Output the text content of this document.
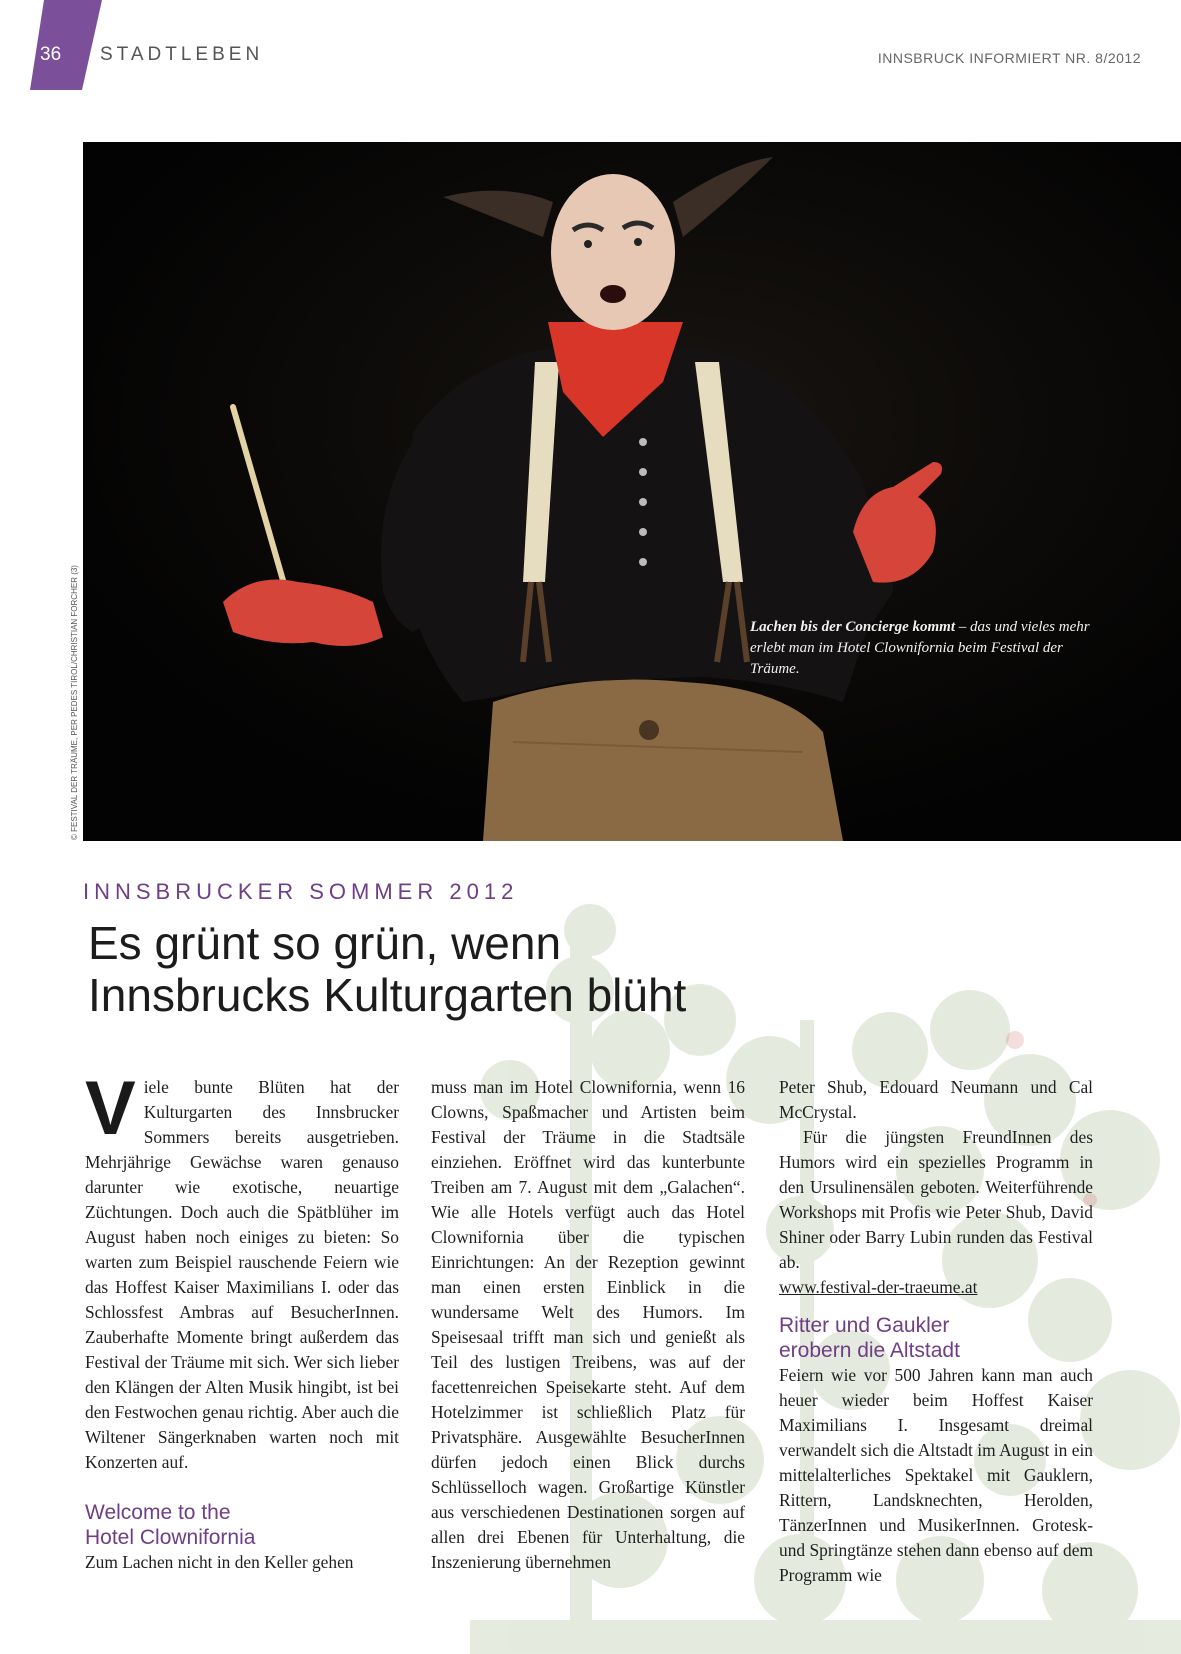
36	STADTLEBEN	INNSBRUCK INFORMIERT NR. 8/2012
© FESTIVAL DER TRÄUME, PER PEDES TIROL/CHRISTIAN FORCHER (3)	Lachen bis der Concierge kommt – das und vieles mehr erlebt man im Hotel Clownifornia beim Festival der Träume.
INNSBRUCKER SOMMER 2012
Es grünt so grün, wenn
Innsbrucks Kulturgarten blüht

Viele bunte Blüten hat der Kulturgarten des Innsbrucker Sommers bereits ausgetrieben. Mehrjährige Gewächse waren genauso darunter wie exotische, neuartige Züchtungen. Doch auch die Spätblüher im August haben noch einiges zu bieten: So warten zum Beispiel rauschende Feiern wie das Hoffest Kaiser Maximilians I. oder das Schlossfest Ambras auf BesucherInnen. Zauberhafte Momente bringt außerdem das Festival der Träume mit sich. Wer sich lieber den Klängen der Alten Musik hingibt, ist bei den Festwochen genau richtig. Aber auch die Wiltener Sängerknaben warten noch mit Konzerten auf.

Welcome to the
Hotel Clownifornia

Zum Lachen nicht in den Keller gehen

muss man im Hotel Clownifornia, wenn 16 Clowns, Spaßmacher und Artisten beim Festival der Träume in die Stadtsäle einziehen. Eröffnet wird das kunterbunte Treiben am 7. August mit dem „Galachen“. Wie alle Hotels verfügt auch das Hotel Clownifornia über die typischen Einrichtungen: An der Rezeption gewinnt man einen ersten Einblick in die wundersame Welt des Humors. Im Speisesaal trifft man sich und genießt als Teil des lustigen Treibens, was auf der facettenreichen Speisekarte steht. Auf dem Hotelzimmer ist schließlich Platz für Privatsphäre. Ausgewählte BesucherInnen dürfen jedoch einen Blick durchs Schlüsselloch wagen. Großartige Künstler aus verschiedenen Destinationen sorgen auf allen drei Ebenen für Unterhaltung, die Inszenierung übernehmen

Peter Shub, Edouard Neumann und Cal McCrystal.

Für die jüngsten FreundInnen des Humors wird ein spezielles Programm in den Ursulinensälen geboten. Weiterführende Workshops mit Profis wie Peter Shub, David Shiner oder Barry Lubin runden das Festival ab.

www.festival-der-traeume.at

Ritter und Gaukler
erobern die Altstadt

Feiern wie vor 500 Jahren kann man auch heuer wieder beim Hoffest Kaiser Maximilians I. Insgesamt dreimal verwandelt sich die Altstadt im August in ein mittelalterliches Spektakel mit Gauklern, Rittern, Landsknechten, Herolden, TänzerInnen und MusikerInnen. Grotesk- und Springtänze stehen dann ebenso auf dem Programm wie
